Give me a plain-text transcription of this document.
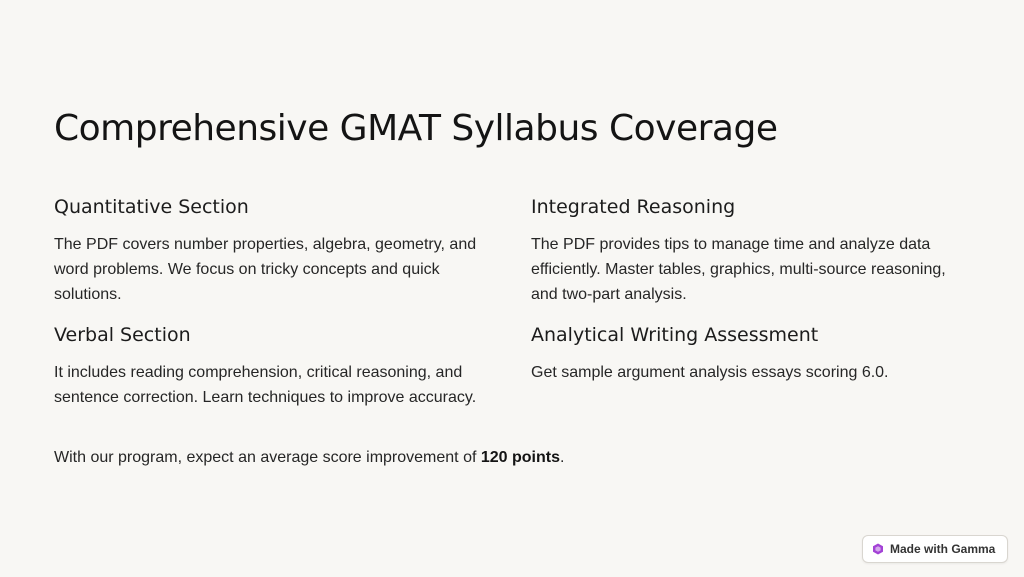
Comprehensive GMAT Syllabus Coverage
Quantitative Section

The PDF covers number properties, algebra, geometry, and word problems. We focus on tricky concepts and quick solutions.

Integrated Reasoning

The PDF provides tips to manage time and analyze data efficiently. Master tables, graphics, multi-source reasoning, and two-part analysis.

Verbal Section

It includes reading comprehension, critical reasoning, and sentence correction. Learn techniques to improve accuracy.

Analytical Writing Assessment

Get sample argument analysis essays scoring 6.0.

With our program, expect an average score improvement of 120 points.

Made with Gamma
